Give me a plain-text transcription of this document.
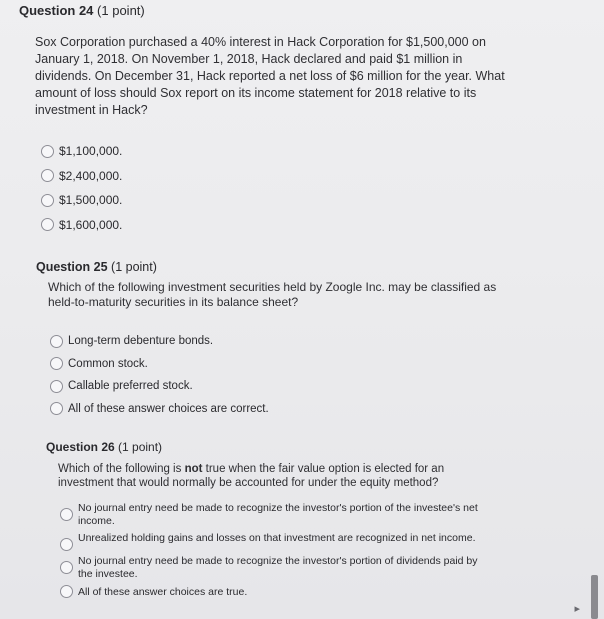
Question 24 (1 point)
Sox Corporation purchased a 40% interest in Hack Corporation for $1,500,000 on January 1, 2018. On November 1, 2018, Hack declared and paid $1 million in dividends. On December 31, Hack reported a net loss of $6 million for the year. What amount of loss should Sox report on its income statement for 2018 relative to its investment in Hack?
$1,100,000.
$2,400,000.
$1,500,000.
$1,600,000.
Question 25 (1 point)
Which of the following investment securities held by Zoogle Inc. may be classified as held-to-maturity securities in its balance sheet?
Long-term debenture bonds.
Common stock.
Callable preferred stock.
All of these answer choices are correct.
Question 26 (1 point)
Which of the following is not true when the fair value option is elected for an investment that would normally be accounted for under the equity method?
No journal entry need be made to recognize the investor's portion of the investee's net income.
Unrealized holding gains and losses on that investment are recognized in net income.
No journal entry need be made to recognize the investor's portion of dividends paid by the investee.
All of these answer choices are true.
▸
